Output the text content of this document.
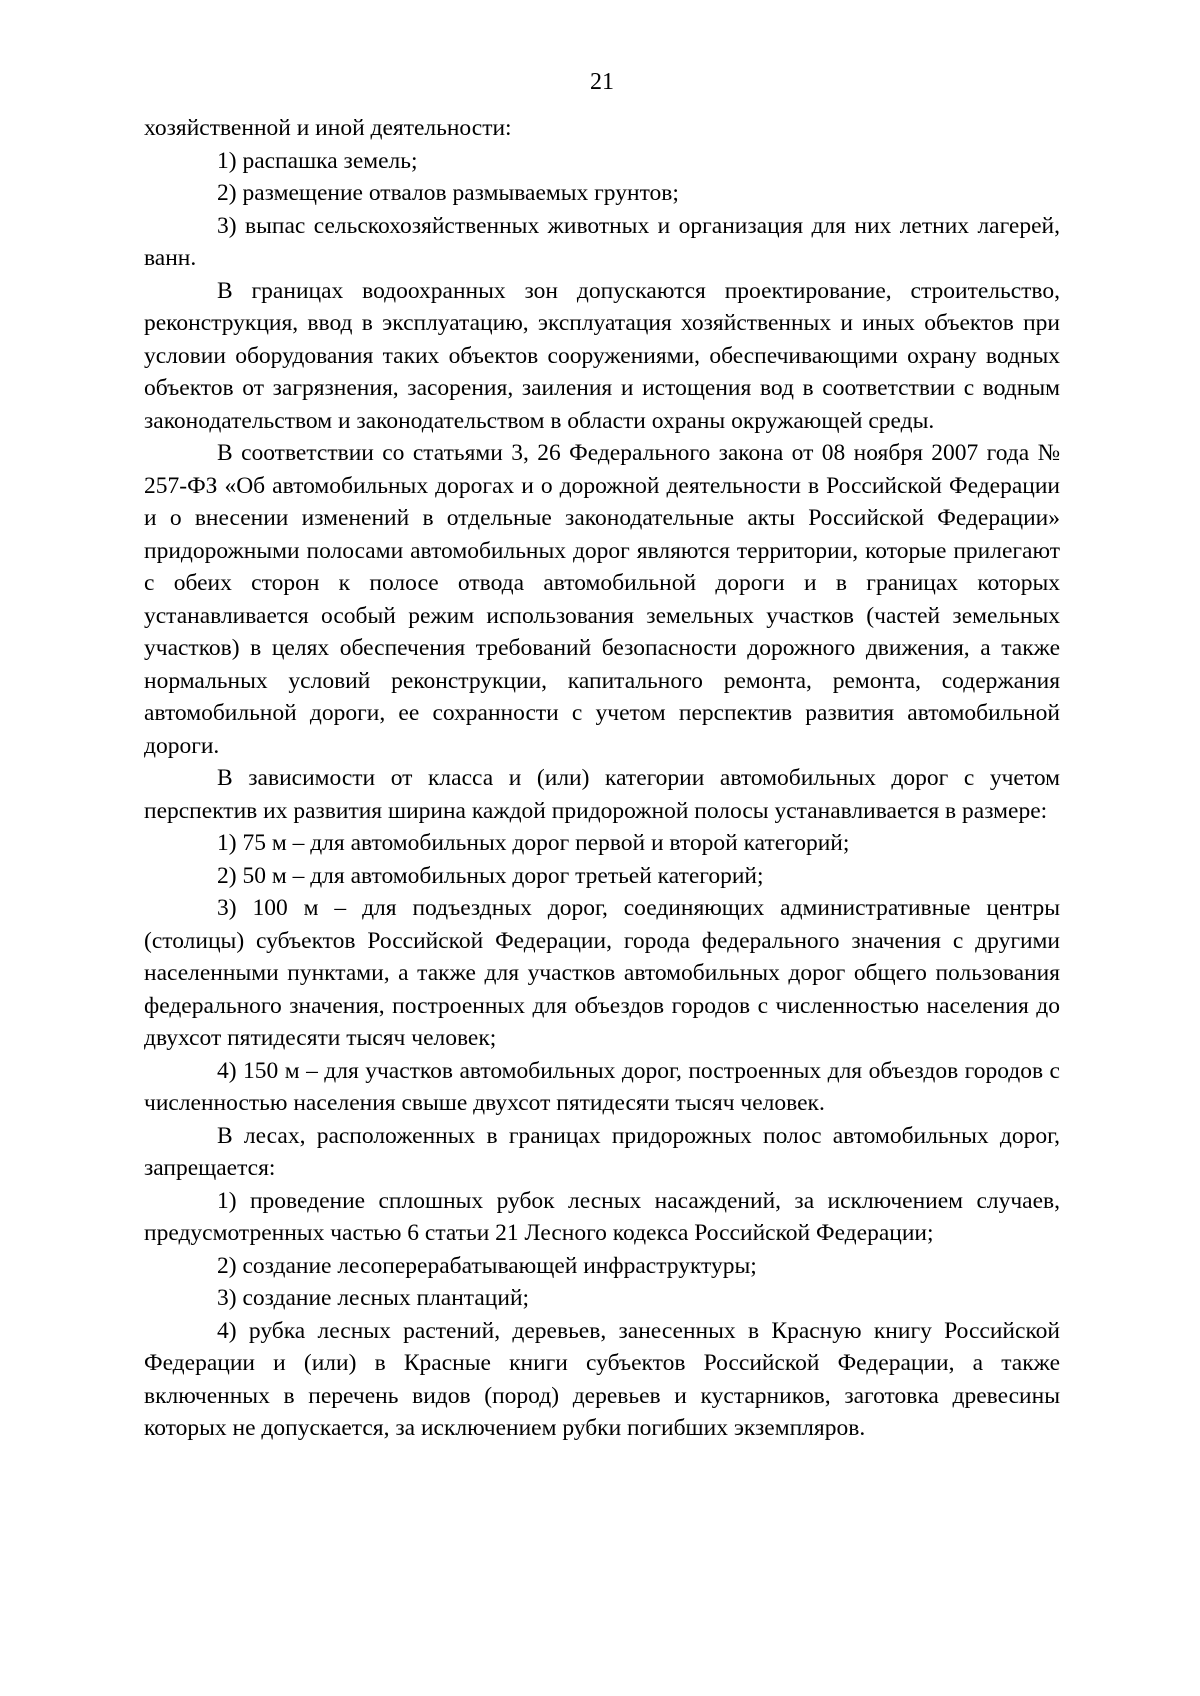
21

хозяйственной и иной деятельности:

1) распашка земель;

2) размещение отвалов размываемых грунтов;

3) выпас сельскохозяйственных животных и организация для них летних лагерей, ванн.

В границах водоохранных зон допускаются проектирование, строительство, реконструкция, ввод в эксплуатацию, эксплуатация хозяйственных и иных объектов при условии оборудования таких объектов сооружениями, обеспечивающими охрану водных объектов от загрязнения, засорения, заиления и истощения вод в соответствии с водным законодательством и законодательством в области охраны окружающей среды.

В соответствии со статьями 3, 26 Федерального закона от 08 ноября 2007 года № 257-ФЗ «Об автомобильных дорогах и о дорожной деятельности в Российской Федерации и о внесении изменений в отдельные законодательные акты Российской Федерации» придорожными полосами автомобильных дорог являются территории, которые прилегают с обеих сторон к полосе отвода автомобильной дороги и в границах которых устанавливается особый режим использования земельных участков (частей земельных участков) в целях обеспечения требований безопасности дорожного движения, а также нормальных условий реконструкции, капитального ремонта, ремонта, содержания автомобильной дороги, ее сохранности с учетом перспектив развития автомобильной дороги.

В зависимости от класса и (или) категории автомобильных дорог с учетом перспектив их развития ширина каждой придорожной полосы устанавливается в размере:

1) 75 м – для автомобильных дорог первой и второй категорий;

2) 50 м – для автомобильных дорог третьей категорий;

3) 100 м – для подъездных дорог, соединяющих административные центры (столицы) субъектов Российской Федерации, города федерального значения с другими населенными пунктами, а также для участков автомобильных дорог общего пользования федерального значения, построенных для объездов городов с численностью населения до двухсот пятидесяти тысяч человек;

4) 150 м – для участков автомобильных дорог, построенных для объездов городов с численностью населения свыше двухсот пятидесяти тысяч человек.

В лесах, расположенных в границах придорожных полос автомобильных дорог, запрещается:

1) проведение сплошных рубок лесных насаждений, за исключением случаев, предусмотренных частью 6 статьи 21 Лесного кодекса Российской Федерации;

2) создание лесоперерабатывающей инфраструктуры;

3) создание лесных плантаций;

4) рубка лесных растений, деревьев, занесенных в Красную книгу Российской Федерации и (или) в Красные книги субъектов Российской Федерации, а также включенных в перечень видов (пород) деревьев и кустарников, заготовка древесины которых не допускается, за исключением рубки погибших экземпляров.
